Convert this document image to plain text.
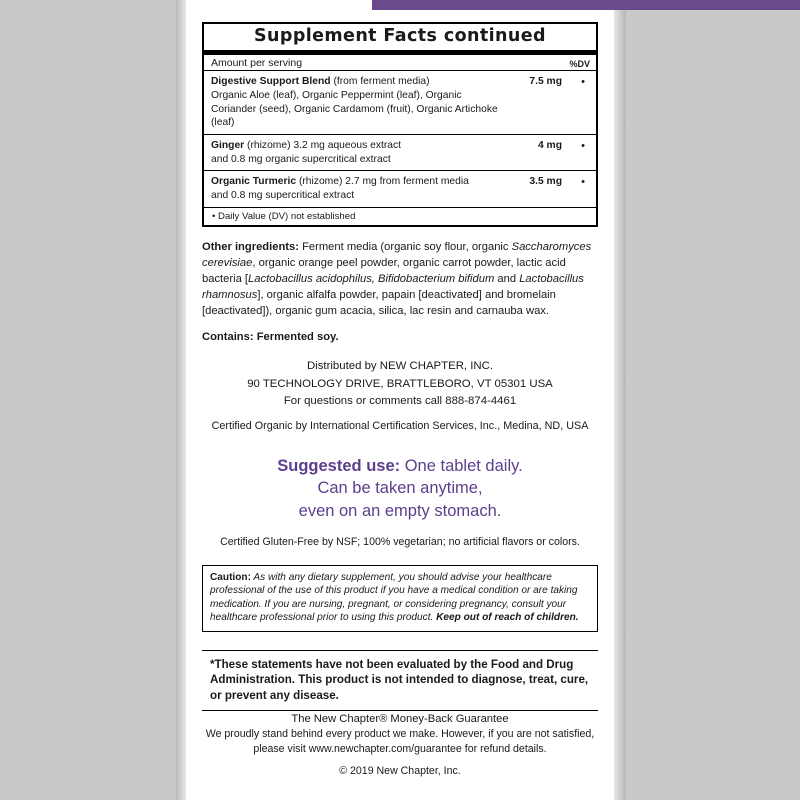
Supplement Facts continued
Amount per serving	%DV
Digestive Support Blend (from ferment media)
Organic Aloe (leaf), Organic Peppermint (leaf), Organic Coriander (seed), Organic Cardamom (fruit), Organic Artichoke (leaf)
7.5 mg	•
Ginger (rhizome) 3.2 mg aqueous extract
and 0.8 mg organic supercritical extract
4 mg	•
Organic Turmeric (rhizome) 2.7 mg from ferment media
and 0.8 mg supercritical extract
3.5 mg	•
• Daily Value (DV) not established
Other ingredients: Ferment media (organic soy flour, organic Saccharomyces cerevisiae, organic orange peel powder, organic carrot powder, lactic acid bacteria [Lactobacillus acidophilus, Bifidobacterium bifidum and Lactobacillus rhamnosus], organic alfalfa powder, papain [deactivated] and bromelain [deactivated]), organic gum acacia, silica, lac resin and carnauba wax.
Contains: Fermented soy.
Distributed by NEW CHAPTER, INC.
90 TECHNOLOGY DRIVE, BRATTLEBORO, VT 05301 USA
For questions or comments call 888-874-4461
Certified Organic by International Certification Services, Inc., Medina, ND, USA
Suggested use: One tablet daily.
Can be taken anytime,
even on an empty stomach.
Certified Gluten-Free by NSF; 100% vegetarian; no artificial flavors or colors.
Caution: As with any dietary supplement, you should advise your healthcare professional of the use of this product if you have a medical condition or are taking medication. If you are nursing, pregnant, or considering pregnancy, consult your healthcare professional prior to using this product. Keep out of reach of children.
*These statements have not been evaluated by the Food and Drug Administration. This product is not intended to diagnose, treat, cure, or prevent any disease.
The New Chapter® Money-Back Guarantee
We proudly stand behind every product we make. However, if you are not satisfied, please visit www.newchapter.com/guarantee for refund details.
© 2019 New Chapter, Inc.
